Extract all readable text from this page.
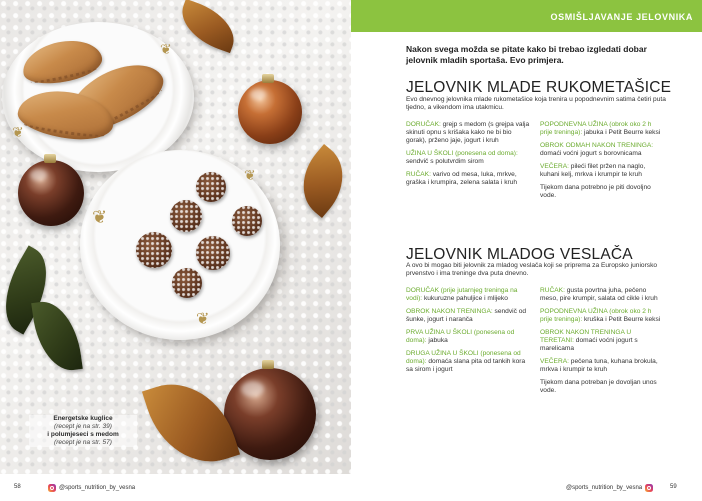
❦
❦
❦
❦
❦
Energetske kuglice
(recept je na str. 39)
i polumjeseci s medom
(recept je na str. 57)
OSMIŠLJAVANJE JELOVNIKA
Nakon svega možda se pitate kako bi trebao izgledati dobar jelovnik mladih sportaša. Evo primjera.
JELOVNIK MLADE RUKOMETAŠICE
Evo dnevnog jelovnika mlade rukometašice koja trenira u popodnevnim satima četiri puta tjedno, a vikendom ima utakmicu.
DORUČAK: grejp s medom (s grejpa valja skinuti opnu s krišaka kako ne bi bio gorak), prženo jaje, jogurt i kruh
UŽINA U ŠKOLI (ponesena od doma): sendvič s polutvrdim sirom
RUČAK: varivo od mesa, luka, mrkve, graška i krumpira, zelena salata i kruh
POPODNEVNA UŽINA (obrok oko 2 h prije treninga): jabuka i Petit Beurre keksi
OBROK ODMAH NAKON TRENINGA: domaći voćni jogurt s borovnicama
VEČERA: pileći filet pržen na naglo, kuhani kelj, mrkva i krumpir te kruh
Tijekom dana potrebno je piti dovoljno vode.
JELOVNIK MLADOG VESLAČA
A ovo bi mogao biti jelovnik za mladog veslača koji se priprema za Europsko juniorsko prvenstvo i ima treninge dva puta dnevno.
DORUČAK (prije jutarnjeg treninga na vodi): kukuruzne pahuljice i mlijeko
OBROK NAKON TRENINGA: sendvič od šunke, jogurt i naranča
PRVA UŽINA U ŠKOLI (ponesena od doma): jabuka
DRUGA UŽINA U ŠKOLI (ponesena od doma): domaća slana pita od tankih kora sa sirom i jogurt
RUČAK: gusta povrtna juha, pečeno meso, pire krumpir, salata od cikle i kruh
POPODNEVNA UŽINA (obrok oko 2 h prije treninga): kruška i Petit Beurre keksi
OBROK NAKON TRENINGA U TERETANI: domaći voćni jogurt s marelicama
VEČERA: pečena tuna, kuhana brokula, mrkva i krumpir te kruh
Tijekom dana potreban je dovoljan unos vode.
58	@sports_nutrition_by_vesna	@sports_nutrition_by_vesna	59
